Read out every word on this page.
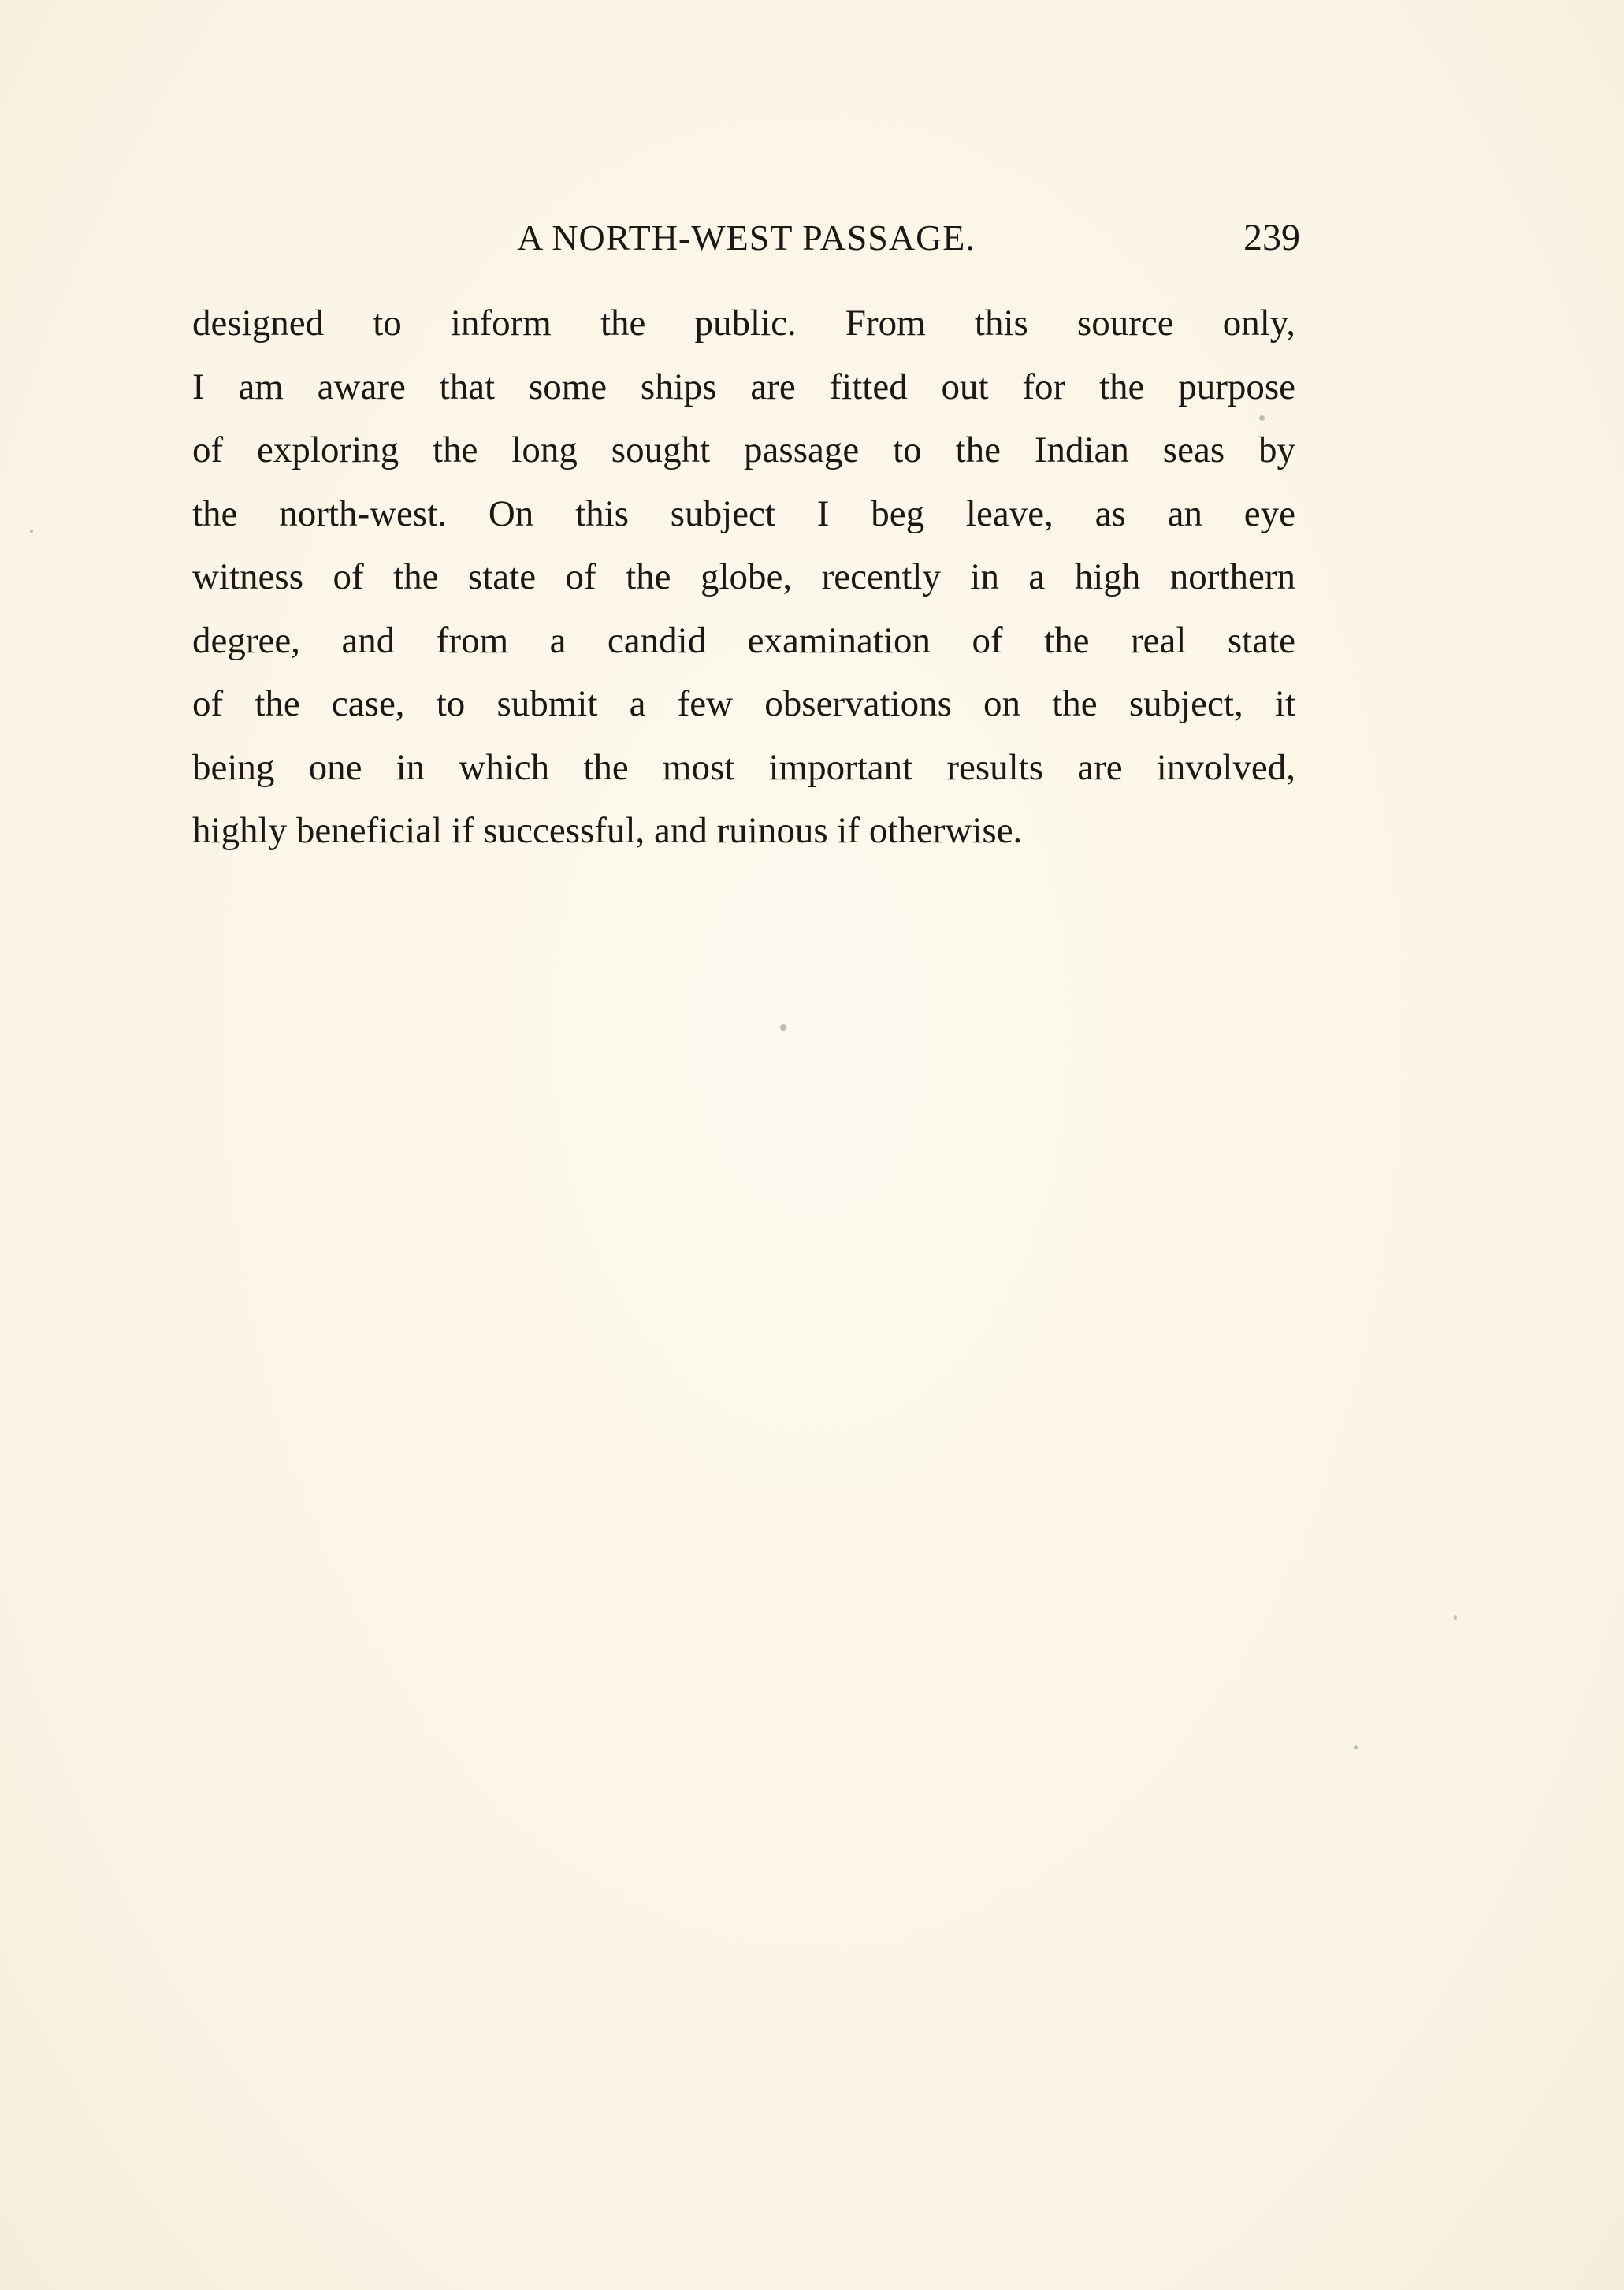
A NORTH-WEST PASSAGE.	239
designed to inform the public. From this source only,
I am aware that some ships are fitted out for the purpose
of exploring the long sought passage to the Indian seas by
the north-west. On this subject I beg leave, as an eye
witness of the state of the globe, recently in a high northern
degree, and from a candid examination of the real state
of the case, to submit a few observations on the subject, it
being one in which the most important results are involved,
highly beneficial if successful, and ruinous if otherwise.
